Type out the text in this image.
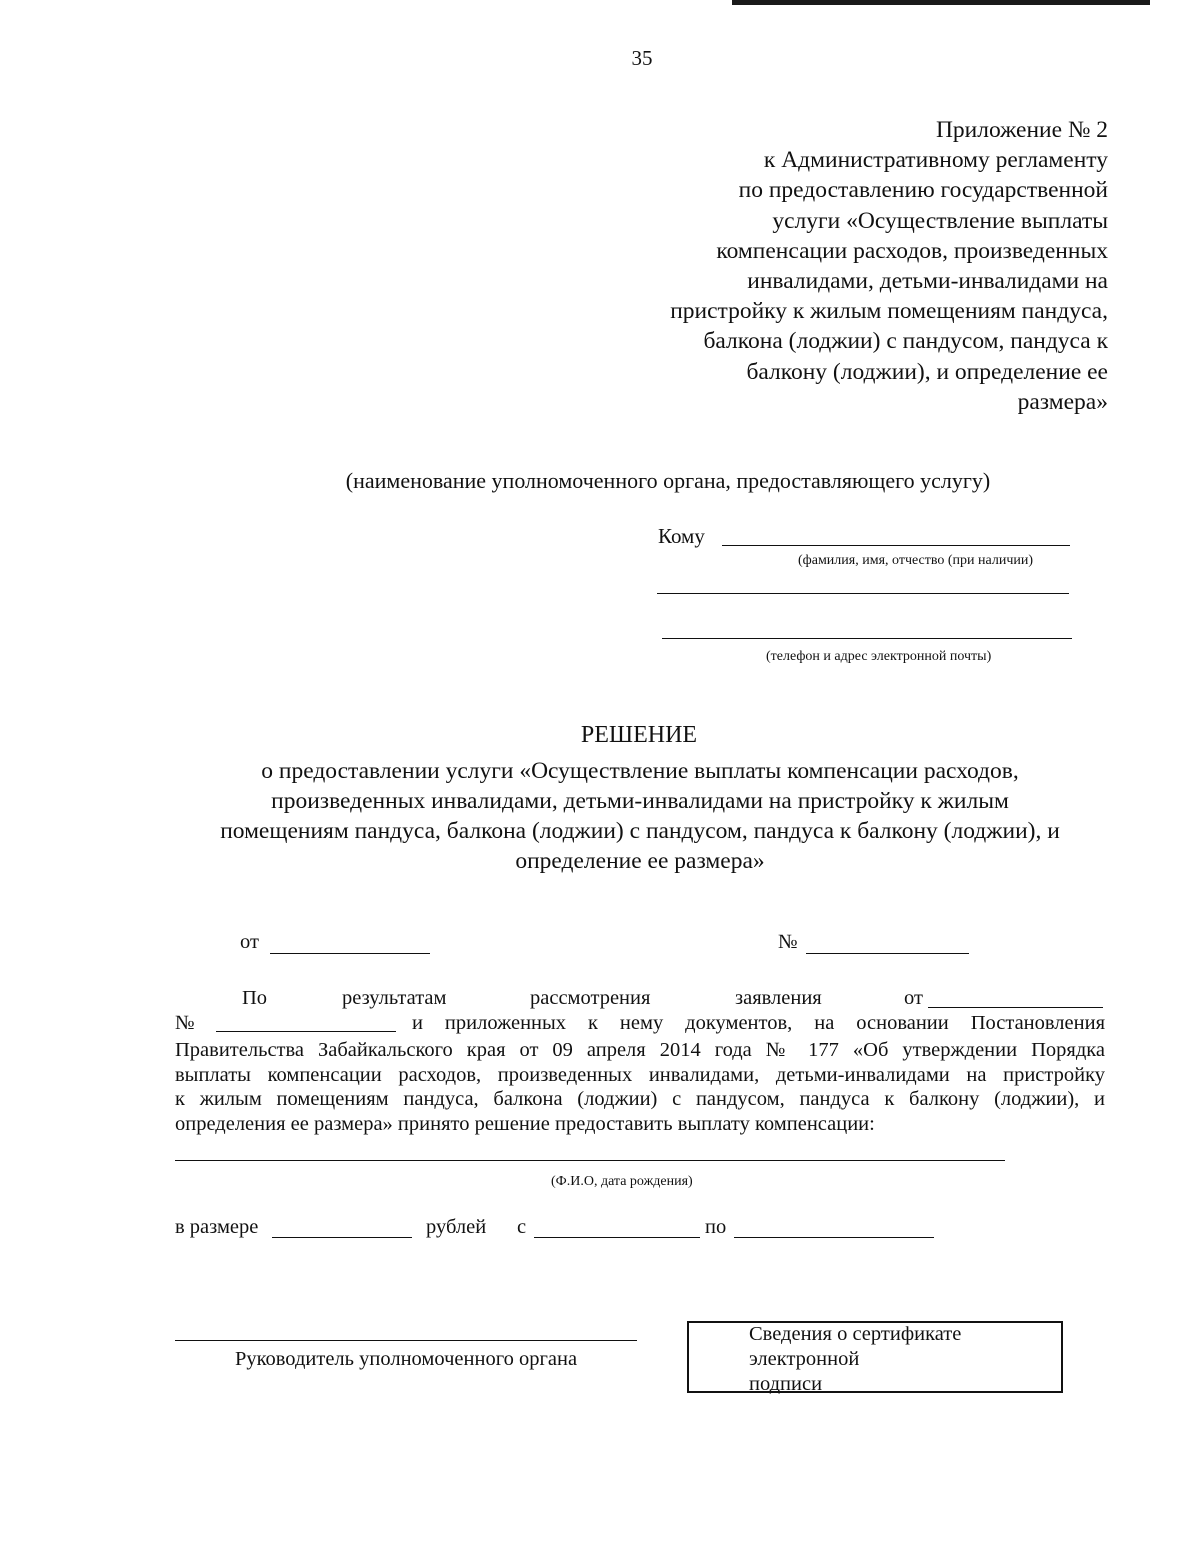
35
Приложение № 2
к Административному регламенту
по предоставлению государственной
услуги «Осуществление выплаты
компенсации расходов, произведенных
инвалидами, детьми-инвалидами на
пристройку к жилым помещениям пандуса,
балкона (лоджии) с пандусом, пандуса к
балкону (лоджии), и определение ее
размера»
(наименование уполномоченного органа, предоставляющего услугу)
Кому
(фамилия, имя, отчество (при наличии)
(телефон и адрес электронной почты)
РЕШЕНИЕ
о предоставлении услуги «Осуществление выплаты компенсации расходов,
произведенных инвалидами, детьми-инвалидами на пристройку к жилым
помещениям пандуса, балкона (лоджии) с пандусом, пандуса к балкону (лоджии), и
определение ее размера»
от	№
По	результатам	рассмотрения	заявления	от
№	и приложенных к нему документов, на основании Постановления
Правительства Забайкальского края от 09 апреля 2014 года № 177 «Об утверждении Порядка
выплаты компенсации расходов, произведенных инвалидами, детьми-инвалидами на пристройку
к жилым помещениям пандуса, балкона (лоджии) с пандусом, пандуса к балкону (лоджии), и
определения ее размера» принято решение предоставить выплату компенсации:
(Ф.И.О, дата рождения)
в размере	рублей с	по
Руководитель уполномоченного органа
Сведения о сертификате
электронной
подписи
